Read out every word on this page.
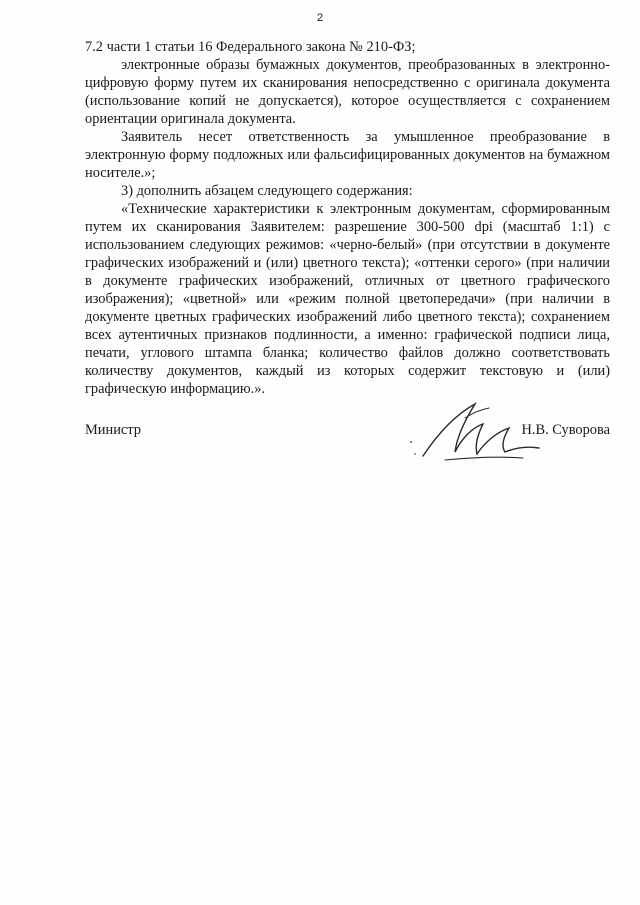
2

7.2 части 1 статьи 16 Федерального закона № 210-ФЗ;

электронные образы бумажных документов, преобразованных в электронно-цифровую форму путем их сканирования непосредственно с оригинала документа (использование копий не допускается), которое осуществляется с сохранением ориентации оригинала документа.

Заявитель несет ответственность за умышленное преобразование в электронную форму подложных или фальсифицированных документов на бумажном носителе.»;

3) дополнить абзацем следующего содержания:

«Технические характеристики к электронным документам, сформированным путем их сканирования Заявителем: разрешение 300-500 dpi (масштаб 1:1) с использованием следующих режимов: «черно-белый» (при отсутствии в документе графических изображений и (или) цветного текста); «оттенки серого» (при наличии в документе графических изображений, отличных от цветного графического изображения); «цветной» или «режим полной цветопередачи» (при наличии в документе цветных графических изображений либо цветного текста); сохранением всех аутентичных признаков подлинности, а именно: графической подписи лица, печати, углового штампа бланка; количество файлов должно соответствовать количеству документов, каждый из которых содержит текстовую и (или) графическую информацию.».

Министр	Н.В. Суворова
